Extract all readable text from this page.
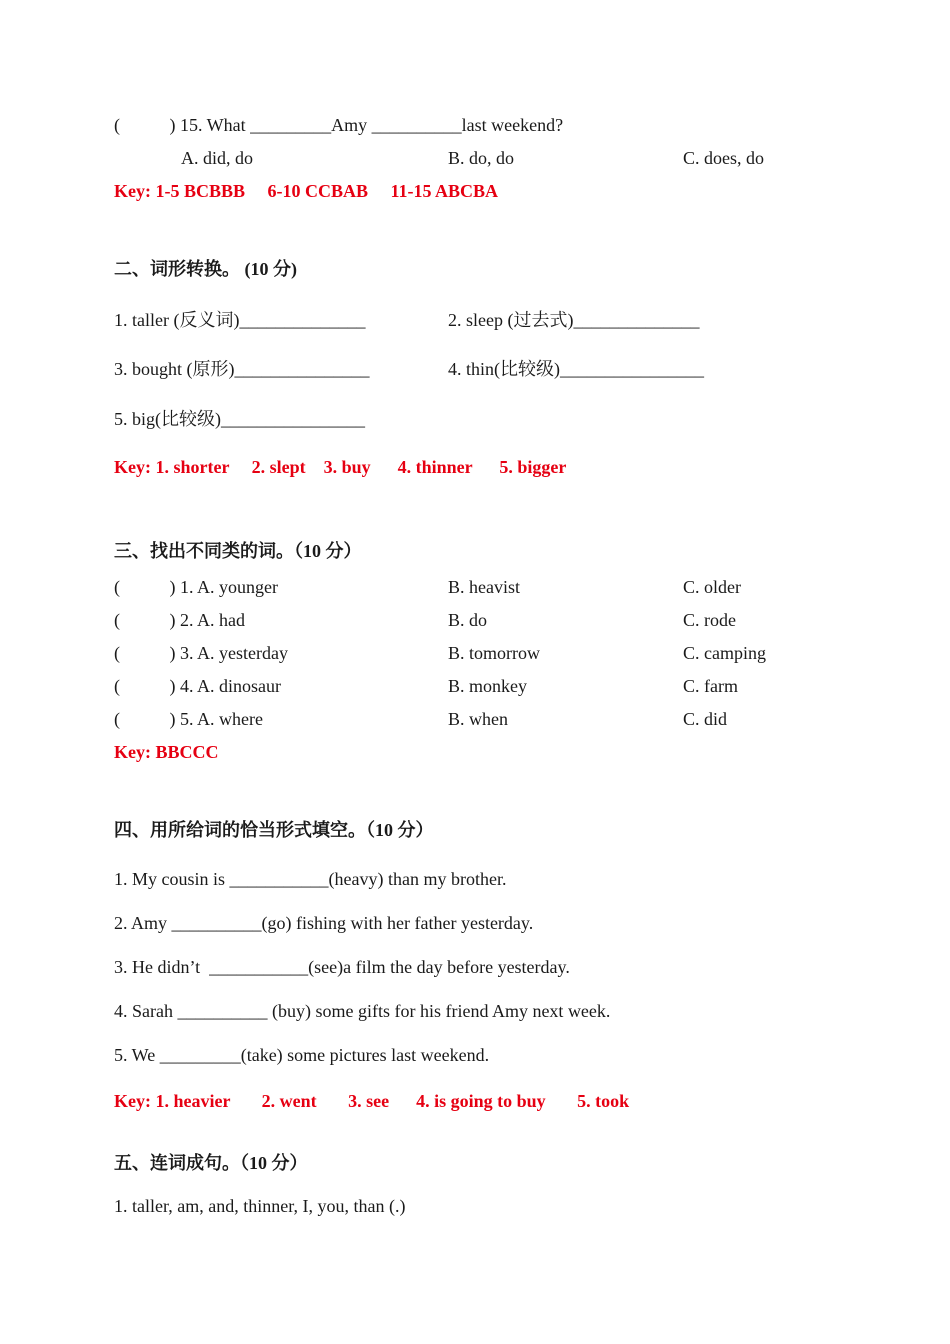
(           ) 15. What _________Amy __________last weekend?
A. did, do	B. do, do	C. does, do
Key: 1-5 BCBBB     6-10 CCBAB     11-15 ABCBA
二、词形转换。 (10 分)
1. taller (反义词)______________	2. sleep (过去式)______________
3. bought (原形)_______________	4. thin(比较级)________________
5. big(比较级)________________
Key: 1. shorter     2. slept    3. buy      4. thinner      5. bigger
三、找出不同类的词。（10 分）
(           ) 1. A. younger	B. heavist	C. older
(           ) 2. A. had	B. do	C. rode
(           ) 3. A. yesterday	B. tomorrow	C. camping
(           ) 4. A. dinosaur	B. monkey	C. farm
(           ) 5. A. where	B. when	C. did
Key: BBCCC
四、用所给词的恰当形式填空。（10 分）
1. My cousin is ___________(heavy) than my brother.
2. Amy __________(go) fishing with her father yesterday.
3. He didn’t  ___________(see)a film the day before yesterday.
4. Sarah __________ (buy) some gifts for his friend Amy next week.
5. We _________(take) some pictures last weekend.
Key: 1. heavier       2. went       3. see      4. is going to buy       5. took
五、连词成句。（10 分）
1. taller, am, and, thinner, I, you, than (.)
